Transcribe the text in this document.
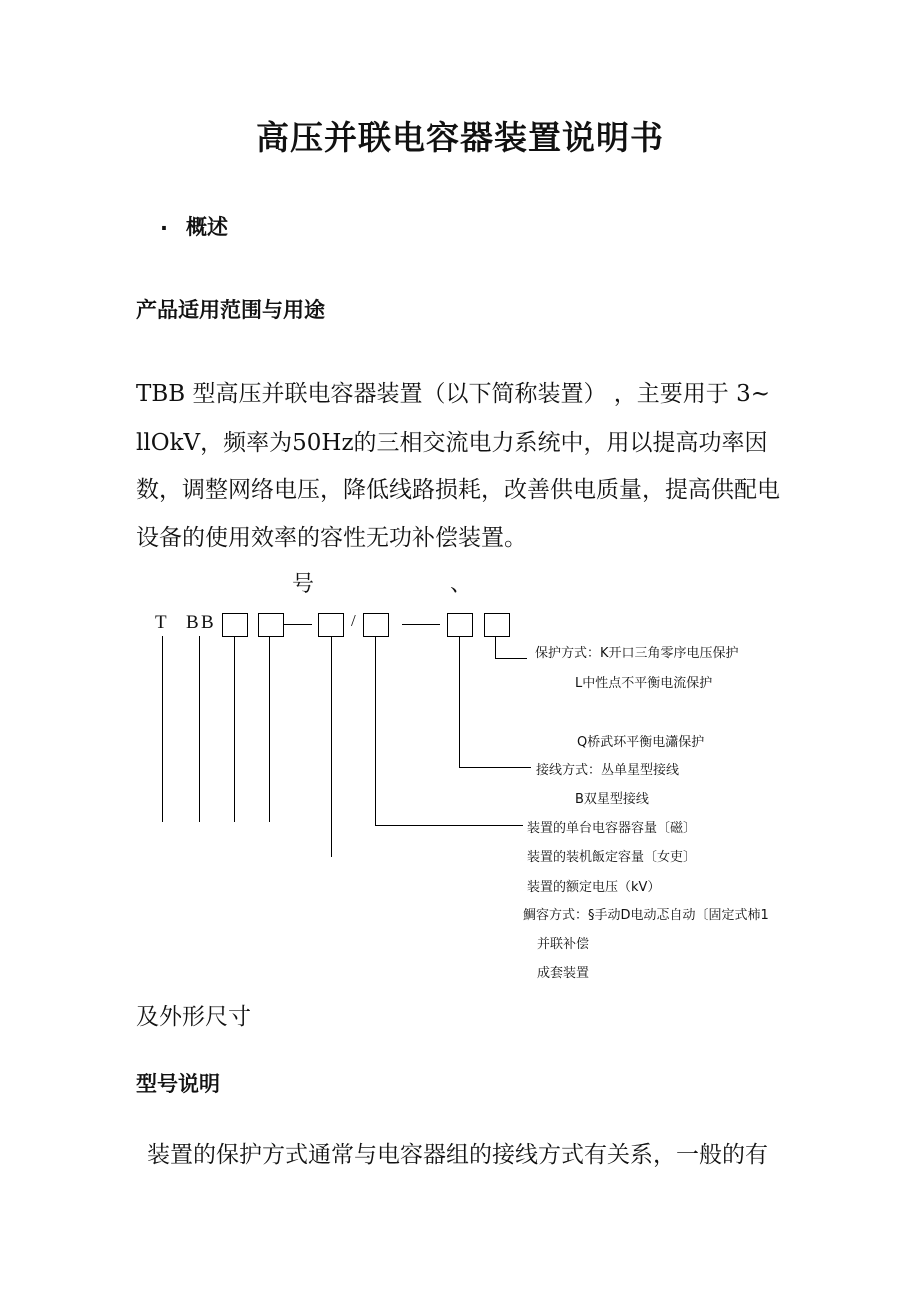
高压并联电容器装置说明书
. 概述
产品适用范围与用途
TBB 型高压并联电容器装置（以下简称装置） ，主要用于 3~
llOkV，频率为50Hz的三相交流电力系统中，用以提高功率因
数，调整网络电压，降低线路损耗，改善供电质量，提高供配电
设备的使用效率的容性无功补偿装置。
号	、
T B B	/
保护方式：K开口三角零序电压保护
L中性点不平衡电流保护
Q桥武环平衡电瀟保护
接线方式：丛单星型接线
B双星型接线
装置的单台电容器容量〔磁〕
装置的装机飯定容量〔女吏〕
装置的额定电压（kV）
鯛容方式：§手动D电动忑自动〔固定式柿1
并联补偿
成套装置
及外形尺寸
型号说明
装置的保护方式通常与电容器组的接线方式有关系，一般的有
